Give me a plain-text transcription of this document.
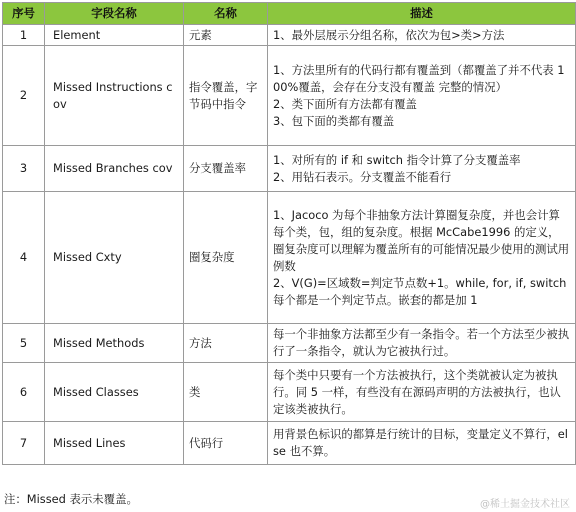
序号	字段名称	名称	描述
1	Element	元素	1、最外层展示分组名称，依次为包>类>方法

2	Missed Instructions cov	指令覆盖，字节码中指令	1、方法里所有的代码行都有覆盖到（都覆盖了并不代表 100%覆盖，会存在分支没有覆盖 完整的情况）

2、类下面所有方法都有覆盖

3、包下面的类都有覆盖

3	Missed Branches cov	分支覆盖率	1、对所有的 if 和 switch 指令计算了分支覆盖率

2、用钻石表示。分支覆盖不能看行

4	Missed Cxty	圈复杂度	1、Jacoco 为每个非抽象方法计算圈复杂度，并也会计算每个类，包，组的复杂度。根据 McCabe1996 的定义，圈复杂度可以理解为覆盖所有的可能情况最少使用的测试用例数

2、V(G)=区域数=判定节点数+1。while, for, if, switch 每个都是一个判定节点。嵌套的都是加 1

5	Missed Methods	方法	每一个非抽象方法都至少有一条指令。若一个方法至少被执行了一条指令，就认为它被执行过。

6	Missed Classes	类	每个类中只要有一个方法被执行，这个类就被认定为被执行。同 5 一样，有些没有在源码声明的方法被执行，也认定该类被执行。

7	Missed Lines	代码行	用背景色标识的都算是行统计的目标，变量定义不算行，else 也不算。

注：Missed 表示未覆盖。	@稀土掘金技术社区
